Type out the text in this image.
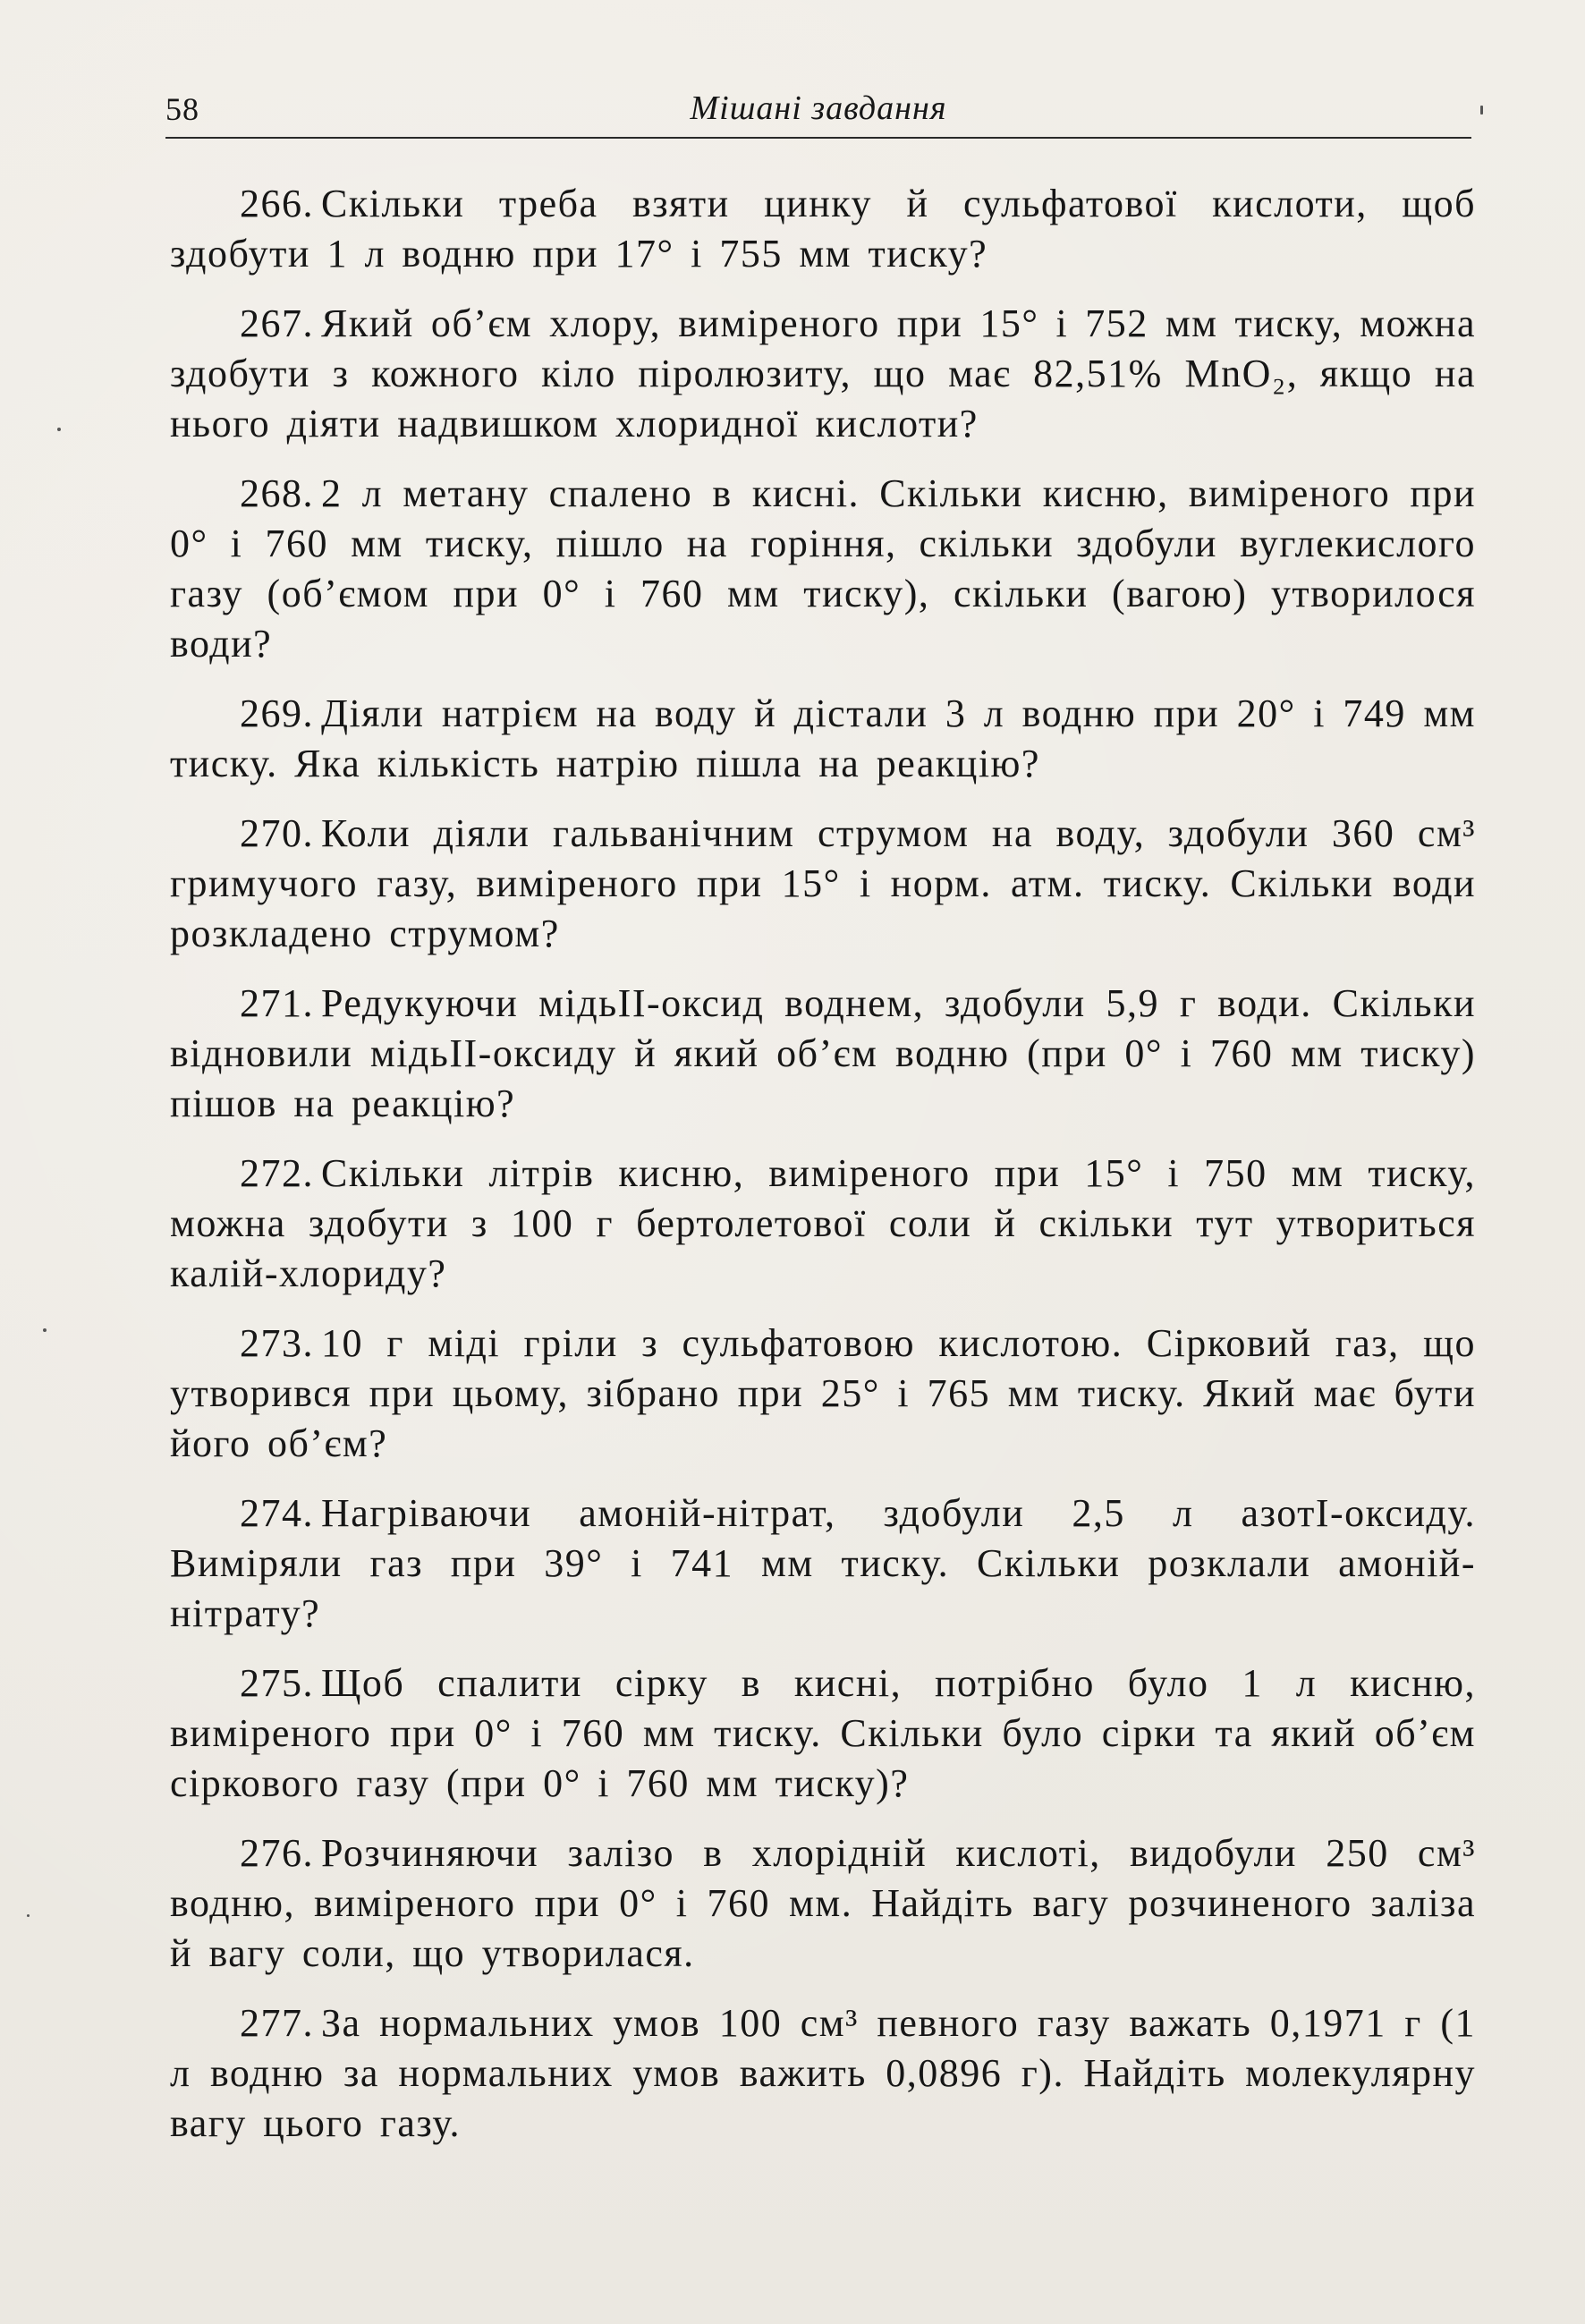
58	Мішані завдання

266. Скільки треба взяти цинку й сульфатової кислоти, щоб здобути 1 л водню при 17° і 755 мм тиску?

267. Який об’єм хлору, виміреного при 15° і 752 мм тиску, можна здобути з кожного кіло піролюзиту, що має 82,51% MnO₂, якщо на нього діяти надвишком хлоридної кислоти?

268. 2 л метану спалено в кисні. Скільки кисню, виміреного при 0° і 760 мм тиску, пішло на горіння, скільки здобули вуглекислого газу (об’ємом при 0° і 760 мм тиску), скільки (вагою) утворилося води?

269. Діяли натрієм на воду й дістали 3 л водню при 20° і 749 мм тиску. Яка кількість натрію пішла на реакцію?

270. Коли діяли гальванічним струмом на воду, здобули 360 см³ гримучого газу, виміреного при 15° і норм. атм. тиску. Скільки води розкладено струмом?

271. Редукуючи мідьII-оксид воднем, здобули 5,9 г води. Скільки відновили мідьII-оксиду й який об’єм водню (при 0° і 760 мм тиску) пішов на реакцію?

272. Скільки літрів кисню, виміреного при 15° і 750 мм тиску, можна здобути з 100 г бертолетової соли й скільки тут утвориться калій-хлориду?

273. 10 г міді гріли з сульфатовою кислотою. Сірковий газ, що утворився при цьому, зібрано при 25° і 765 мм тиску. Який має бути його об’єм?

274. Нагріваючи амоній-нітрат, здобули 2,5 л азотI-оксиду. Виміряли газ при 39° і 741 мм тиску. Скільки розклали амоній-нітрату?

275. Щоб спалити сірку в кисні, потрібно було 1 л кисню, виміреного при 0° і 760 мм тиску. Скільки було сірки та який об’єм сіркового газу (при 0° і 760 мм тиску)?

276. Розчиняючи залізо в хлорідній кислоті, видобули 250 см³ водню, виміреного при 0° і 760 мм. Найдіть вагу розчиненого заліза й вагу соли, що утворилася.

277. За нормальних умов 100 см³ певного газу важать 0,1971 г (1 л водню за нормальних умов важить 0,0896 г). Найдіть молекулярну вагу цього газу.
